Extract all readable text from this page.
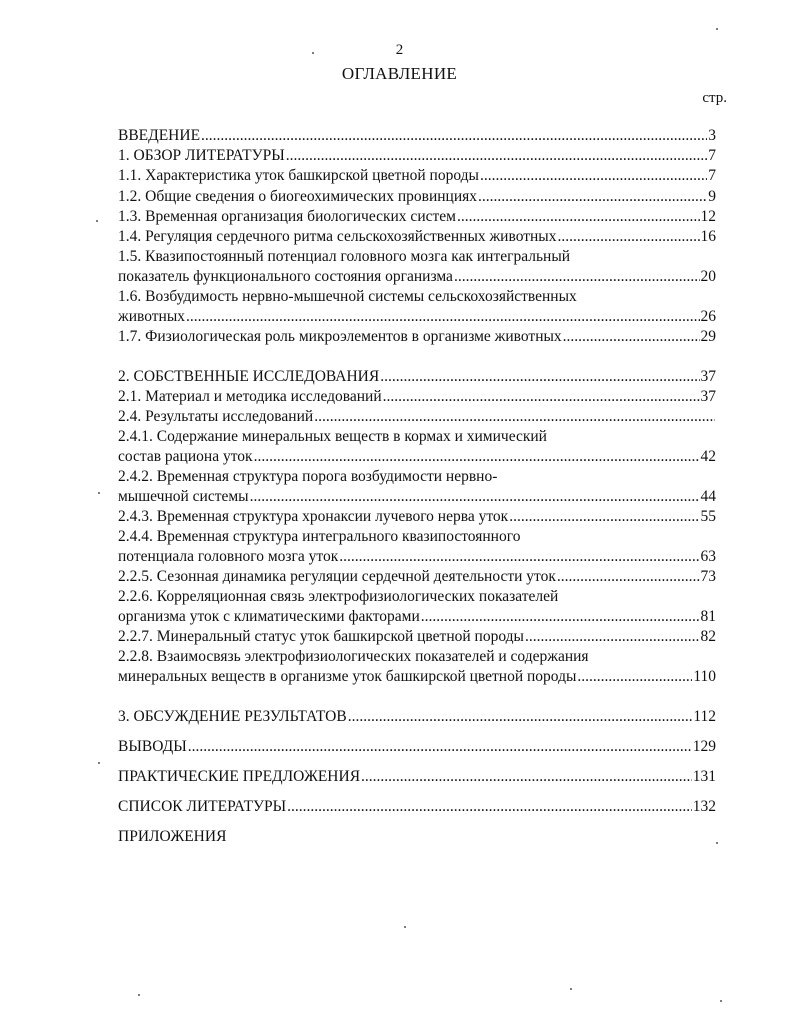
2
ОГЛАВЛЕНИЕ
стр.
ВВЕДЕНИЕ .....	3
1. ОБЗОР ЛИТЕРАТУРЫ .....	7
1.1. Характеристика уток башкирской цветной породы .....	7
1.2. Общие сведения о биогеохимических провинциях .....	9
1.3. Временная организация биологических систем .....	12
1.4. Регуляция сердечного ритма сельскохозяйственных животных .....	16
1.5. Квазипостоянный потенциал головного мозга как интегральный
показатель функционального состояния организма .....	20
1.6. Возбудимость нервно-мышечной системы сельскохозяйственных
животных .....	26
1.7. Физиологическая роль микроэлементов в организме животных .....	29
2. СОБСТВЕННЫЕ ИССЛЕДОВАНИЯ .....	37
2.1. Материал и методика исследований .....	37
2.4. Результаты исследований
.....
2.4.1. Содержание минеральных веществ в кормах и химический
состав рациона уток .....	42
2.4.2. Временная структура порога возбудимости нервно-
мышечной системы .....	44
2.4.3. Временная структура хронаксии лучевого нерва уток .....	55
2.4.4. Временная структура интегрального квазипостоянного
потенциала головного мозга уток .....	63
2.2.5. Сезонная динамика регуляции сердечной деятельности уток .....	73
2.2.6. Корреляционная связь электрофизиологических показателей
организма уток с климатическими факторами .....	81
2.2.7. Минеральный статус уток башкирской цветной породы .....	82
2.2.8. Взаимосвязь электрофизиологических показателей и содержания
минеральных веществ в организме уток башкирской цветной породы .....	110
3. ОБСУЖДЕНИЕ РЕЗУЛЬТАТОВ .....	112
ВЫВОДЫ .....	129
ПРАКТИЧЕСКИЕ ПРЕДЛОЖЕНИЯ .....	131
СПИСОК ЛИТЕРАТУРЫ .....	132
ПРИЛОЖЕНИЯ
